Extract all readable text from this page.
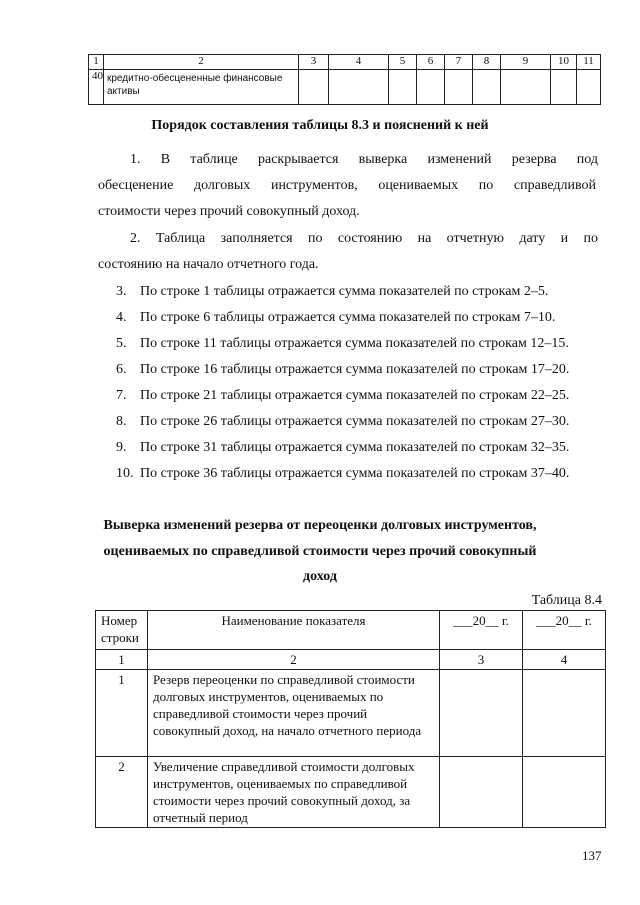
1	2	3	4	5	6	7	8	9	10	11
40	кредитно-обесцененные финансовые активы									
Порядок составления таблицы 8.3 и пояснений к ней
1. В таблице раскрывается выверка изменений резерва под
обесценение долговых инструментов, оцениваемых по справедливой
стоимости через прочий совокупный доход.
2. Таблица заполняется по состоянию на отчетную дату и по
состоянию на начало отчетного года.
3. По строке 1 таблицы отражается сумма показателей по строкам 2–5.
4. По строке 6 таблицы отражается сумма показателей по строкам 7–10.
5. По строке 11 таблицы отражается сумма показателей по строкам 12–15.
6. По строке 16 таблицы отражается сумма показателей по строкам 17–20.
7. По строке 21 таблицы отражается сумма показателей по строкам 22–25.
8. По строке 26 таблицы отражается сумма показателей по строкам 27–30.
9. По строке 31 таблицы отражается сумма показателей по строкам 32–35.
10. По строке 36 таблицы отражается сумма показателей по строкам 37–40.
Выверка изменений резерва от переоценки долговых инструментов,
оцениваемых по справедливой стоимости через прочий совокупный
доход
Таблица 8.4
Номер строки	Наименование показателя	___20__ г.	___20__ г.
1	2	3	4
1	Резерв переоценки по справедливой стоимости долговых инструментов, оцениваемых по справедливой стоимости через прочий совокупный доход, на начало отчетного периода		
2	Увеличение справедливой стоимости долговых инструментов, оцениваемых по справедливой стоимости через прочий совокупный доход, за отчетный период		
137
